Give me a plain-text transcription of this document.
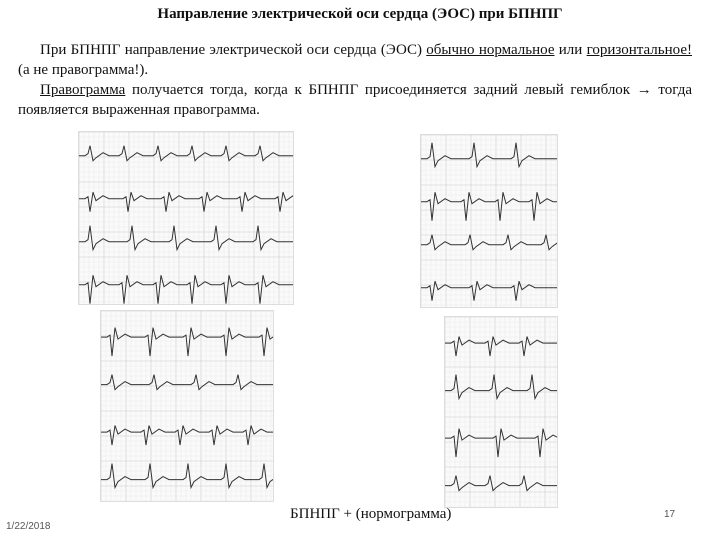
Направление электрической оси сердца (ЭОС) при БПНПГ
При БПНПГ направление электрической оси сердца (ЭОС) обычно нормальное или горизонтальное! (а не правограмма!).
Правограмма получается тогда, когда к БПНПГ присоединяется задний левый гемиблок → тогда появляется выраженная правограмма.
1/22/2018
БПНПГ + (нормограмма)	17
